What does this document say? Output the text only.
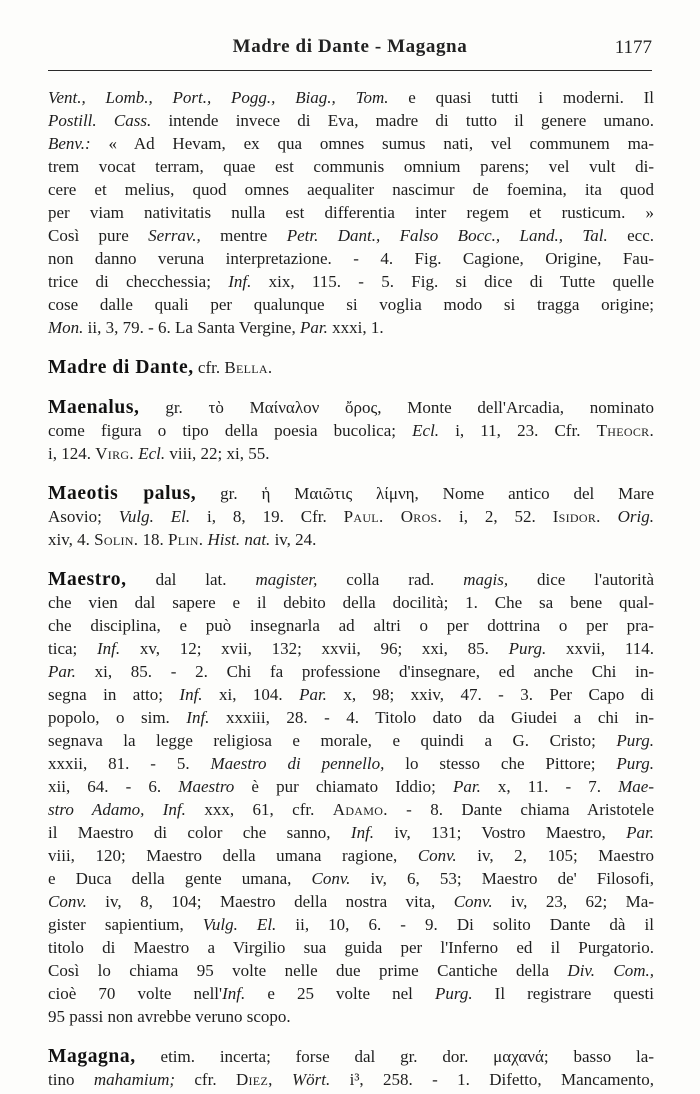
Madre di Dante - Magagna	1177
Vent., Lomb., Port., Pogg., Biag., Tom. e quasi tutti i moderni. Il
Postill. Cass. intende invece di Eva, madre di tutto il genere umano.
Benv.: « Ad Hevam, ex qua omnes sumus nati, vel communem ma-
trem vocat terram, quae est communis omnium parens; vel vult di-
cere et melius, quod omnes aequaliter nascimur de foemina, ita quod
per viam nativitatis nulla est differentia inter regem et rusticum. »
Così pure Serrav., mentre Petr. Dant., Falso Bocc., Land., Tal. ecc.
non danno veruna interpretazione. - 4. Fig. Cagione, Origine, Fau-
trice di checchessia; Inf. xix, 115. - 5. Fig. si dice di Tutte quelle
cose dalle quali per qualunque si voglia modo si tragga origine;
Mon. ii, 3, 79. - 6. La Santa Vergine, Par. xxxi, 1.
Madre di Dante, cfr. Bella.
Maenalus, gr. τὸ Μαίναλον ὄρος, Monte dell'Arcadia, nominato
come figura o tipo della poesia bucolica; Ecl. i, 11, 23. Cfr. Theocr.
i, 124. Virg. Ecl. viii, 22; xi, 55.
Maeotis palus, gr. ἡ Μαιῶτις λίμνη, Nome antico del Mare
Asovio; Vulg. El. i, 8, 19. Cfr. Paul. Oros. i, 2, 52. Isidor. Orig.
xiv, 4. Solin. 18. Plin. Hist. nat. iv, 24.
Maestro, dal lat. magister, colla rad. magis, dice l'autorità
che vien dal sapere e il debito della docilità; 1. Che sa bene qual-
che disciplina, e può insegnarla ad altri o per dottrina o per pra-
tica; Inf. xv, 12; xvii, 132; xxvii, 96; xxi, 85. Purg. xxvii, 114.
Par. xi, 85. - 2. Chi fa professione d'insegnare, ed anche Chi in-
segna in atto; Inf. xi, 104. Par. x, 98; xxiv, 47. - 3. Per Capo di
popolo, o sim. Inf. xxxiii, 28. - 4. Titolo dato da Giudei a chi in-
segnava la legge religiosa e morale, e quindi a G. Cristo; Purg.
xxxii, 81. - 5. Maestro di pennello, lo stesso che Pittore; Purg.
xii, 64. - 6. Maestro è pur chiamato Iddio; Par. x, 11. - 7. Mae-
stro Adamo, Inf. xxx, 61, cfr. Adamo. - 8. Dante chiama Aristotele
il Maestro di color che sanno, Inf. iv, 131; Vostro Maestro, Par.
viii, 120; Maestro della umana ragione, Conv. iv, 2, 105; Maestro
e Duca della gente umana, Conv. iv, 6, 53; Maestro de' Filosofi,
Conv. iv, 8, 104; Maestro della nostra vita, Conv. iv, 23, 62; Ma-
gister sapientium, Vulg. El. ii, 10, 6. - 9. Di solito Dante dà il
titolo di Maestro a Virgilio sua guida per l'Inferno ed il Purgatorio.
Così lo chiama 95 volte nelle due prime Cantiche della Div. Com.,
cioè 70 volte nell'Inf. e 25 volte nel Purg. Il registrare questi
95 passi non avrebbe veruno scopo.
Magagna, etim. incerta; forse dal gr. dor. μαχανά; basso la-
tino mahamium; cfr. Diez, Wört. i³, 258. - 1. Difetto, Mancamento,
